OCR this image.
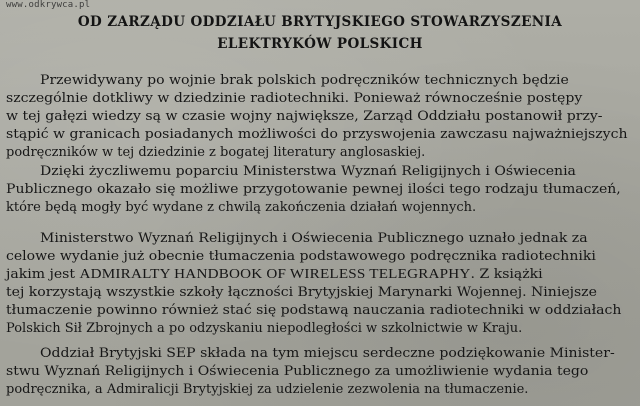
www.odkrywca.pl
OD ZARZĄDU ODDZIAŁU BRYTYJSKIEGO STOWARZYSZENIA
ELEKTRYKÓW POLSKICH
Przewidywany po wojnie brak polskich podręczników technicznych będzie
szczególnie dotkliwy w dziedzinie radiotechniki. Ponieważ równocześnie postępy
w tej gałęzi wiedzy są w czasie wojny największe, Zarząd Oddziału postanowił przy-
stąpić w granicach posiadanych możliwości do przyswojenia zawczasu najważniejszych
podręczników w tej dziedzinie z bogatej literatury anglosaskiej.
Dzięki życzliwemu poparciu Ministerstwa Wyznań Religijnych i Oświecenia
Publicznego okazało się możliwe przygotowanie pewnej ilości tego rodzaju tłumaczeń,
które będą mogły być wydane z chwilą zakończenia działań wojennych.
Ministerstwo Wyznań Religijnych i Oświecenia Publicznego uznało jednak za
celowe wydanie już obecnie tłumaczenia podstawowego podręcznika radiotechniki
jakim jest ADMIRALTY HANDBOOK OF WIRELESS TELEGRAPHY. Z książki
tej korzystają wszystkie szkoły łączności Brytyjskiej Marynarki Wojennej. Niniejsze
tłumaczenie powinno również stać się podstawą nauczania radiotechniki w oddziałach
Polskich Sił Zbrojnych a po odzyskaniu niepodległości w szkolnictwie w Kraju.
Oddział Brytyjski SEP składa na tym miejscu serdeczne podziękowanie Minister-
stwu Wyznań Religijnych i Oświecenia Publicznego za umożliwienie wydania tego
podręcznika, a Admiralicji Brytyjskiej za udzielenie zezwolenia na tłumaczenie.
